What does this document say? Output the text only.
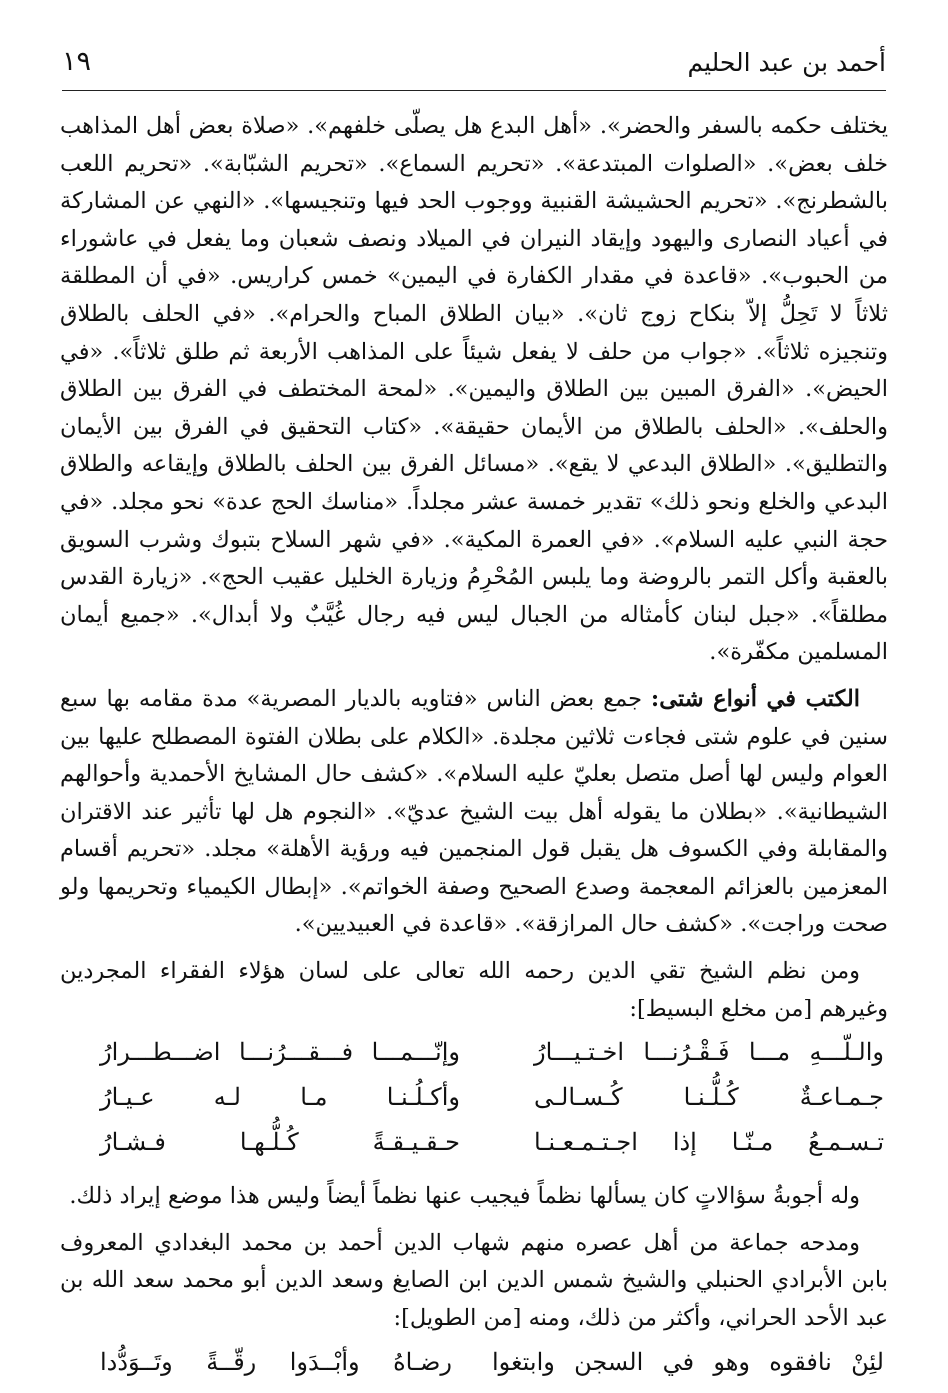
أحمد بن عبد الحليم
١٩

يختلف حكمه بالسفر والحضر». «أهل البدع هل يصلّى خلفهم». «صلاة بعض أهل المذاهب خلف بعض». «الصلوات المبتدعة». «تحريم السماع». «تحريم الشبّابة». «تحريم اللعب بالشطرنج». «تحريم الحشيشة القنبية ووجوب الحد فيها وتنجيسها». «النهي عن المشاركة في أعياد النصارى واليهود وإيقاد النيران في الميلاد ونصف شعبان وما يفعل في عاشوراء من الحبوب». «قاعدة في مقدار الكفارة في اليمين» خمس كراريس. «في أن المطلقة ثلاثاً لا تَحِلُّ إلاّ بنكاح زوج ثان». «بيان الطلاق المباح والحرام». «في الحلف بالطلاق وتنجيزه ثلاثاً». «جواب من حلف لا يفعل شيئاً على المذاهب الأربعة ثم طلق ثلاثاً». «في الحيض». «الفرق المبين بين الطلاق واليمين». «لمحة المختطف في الفرق بين الطلاق والحلف». «الحلف بالطلاق من الأيمان حقيقة». «كتاب التحقيق في الفرق بين الأيمان والتطليق». «الطلاق البدعي لا يقع». «مسائل الفرق بين الحلف بالطلاق وإيقاعه والطلاق البدعي والخلع ونحو ذلك» تقدير خمسة عشر مجلداً. «مناسك الحج عدة» نحو مجلد. «في حجة النبي عليه السلام». «في العمرة المكية». «في شهر السلاح بتبوك وشرب السويق بالعقبة وأكل التمر بالروضة وما يلبس المُحْرِمُ وزيارة الخليل عقيب الحج». «زيارة القدس مطلقاً». «جبل لبنان كأمثاله من الجبال ليس فيه رجال غُيَّبٌ ولا أبدال». «جميع أيمان المسلمين مكفّرة».

الكتب في أنواع شتى: جمع بعض الناس «فتاويه بالديار المصرية» مدة مقامه بها سبع سنين في علوم شتى فجاءت ثلاثين مجلدة. «الكلام على بطلان الفتوة المصطلح عليها بين العوام وليس لها أصل متصل بعليّ عليه السلام». «كشف حال المشايخ الأحمدية وأحوالهم الشيطانية». «بطلان ما يقوله أهل بيت الشيخ عديّ». «النجوم هل لها تأثير عند الاقتران والمقابلة وفي الكسوف هل يقبل قول المنجمين فيه ورؤية الأهلة» مجلد. «تحريم أقسام المعزمين بالعزائم المعجمة وصدع الصحيح وصفة الخواتم». «إبطال الكيمياء وتحريمها ولو صحت وراجت». «كشف حال المرازقة». «قاعدة في العبيديين».

ومن نظم الشيخ تقي الدين رحمه الله تعالى على لسان هؤلاء الفقراء المجردين وغيرهم [من مخلع البسيط]:

والـلّـــهِ مـــا فَـقْـرُنـــا اخـتـيـــارُ
وإنّـــمـــا فـــقـــرُنـــا اضـــطـــرارُ
جـمـاعـةٌ كُـلُّـنـا كُـسـالـى
وأكـلُـنـا مـا لـه عـيـارُ
تـسـمـعُ مـنّـا إذا اجـتـمـعـنـا
حـقـيـقـةً كُـلُّـهـا فـشـارُ

وله أجوبةُ سؤالاتٍ كان يسألها نظماً فيجيب عنها نظماً أيضاً وليس هذا موضع إيراد ذلك.

ومدحه جماعة من أهل عصره منهم شهاب الدين أحمد بن محمد البغدادي المعروف بابن الأبرادي الحنبلي والشيخ شمس الدين ابن الصايغ وسعد الدين أبو محمد سعد الله بن عبد الأحد الحراني، وأكثر من ذلك، ومنه [من الطويل]:

لئِنْ نافقوه وهو في السجن وابتغوا
رضـاهُ وأبْــدَوا رقّــةً وتَــوَدُّدا
